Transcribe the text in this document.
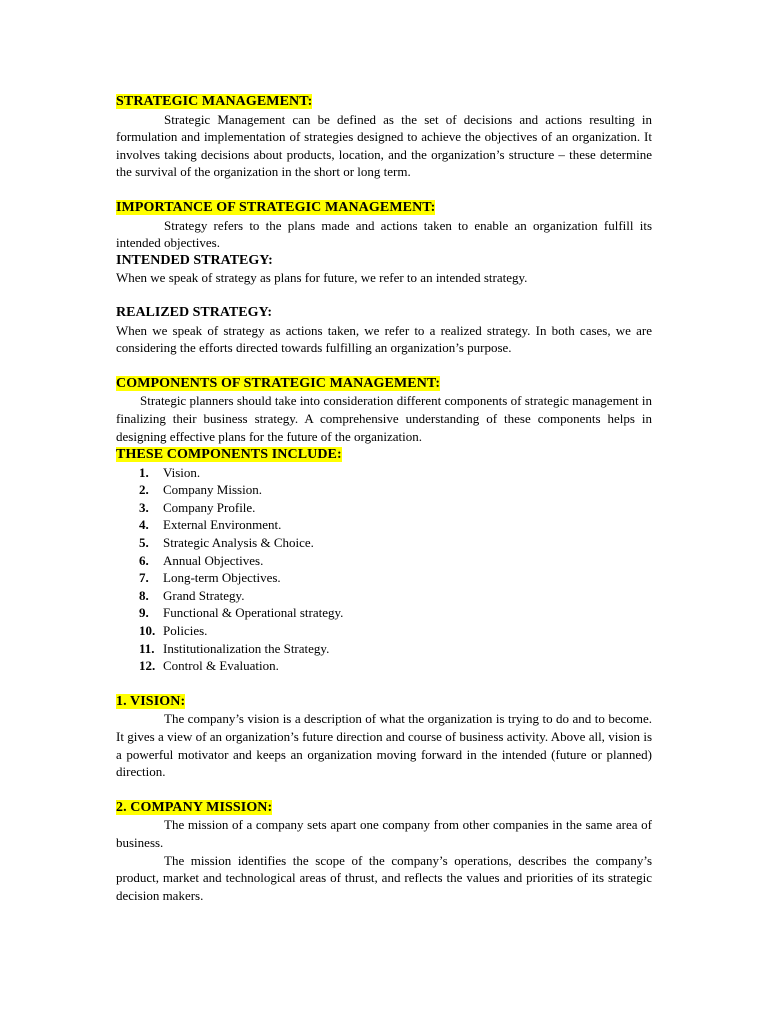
STRATEGIC MANAGEMENT:

Strategic Management can be defined as the set of decisions and actions resulting in formulation and implementation of strategies designed to achieve the objectives of an organization. It involves taking decisions about products, location, and the organization’s structure – these determine the survival of the organization in the short or long term.

IMPORTANCE OF STRATEGIC MANAGEMENT:

Strategy refers to the plans made and actions taken to enable an organization fulfill its intended objectives.

INTENDED STRATEGY:

When we speak of strategy as plans for future, we refer to an intended strategy.

REALIZED STRATEGY:

When we speak of strategy as actions taken, we refer to a realized strategy. In both cases, we are considering the efforts directed towards fulfilling an organization’s purpose.

COMPONENTS OF STRATEGIC MANAGEMENT:

Strategic planners should take into consideration different components of strategic management in finalizing their business strategy. A comprehensive understanding of these components helps in designing effective plans for the future of the organization.

THESE COMPONENTS INCLUDE:
1.	Vision.
2.	Company Mission.
3.	Company Profile.
4.	External Environment.
5.	Strategic Analysis & Choice.
6.	Annual Objectives.
7.	Long-term Objectives.
8.	Grand Strategy.
9.	Functional & Operational strategy.
10. Policies.
11. Institutionalization the Strategy.
12. Control & Evaluation.
1. VISION:

The company’s vision is a description of what the organization is trying to do and to become. It gives a view of an organization’s future direction and course of business activity. Above all, vision is a powerful motivator and keeps an organization moving forward in the intended (future or planned) direction.

2. COMPANY MISSION:

The mission of a company sets apart one company from other companies in the same area of business.

The mission identifies the scope of the company’s operations, describes the company’s product, market and technological areas of thrust, and reflects the values and priorities of its strategic decision makers.
